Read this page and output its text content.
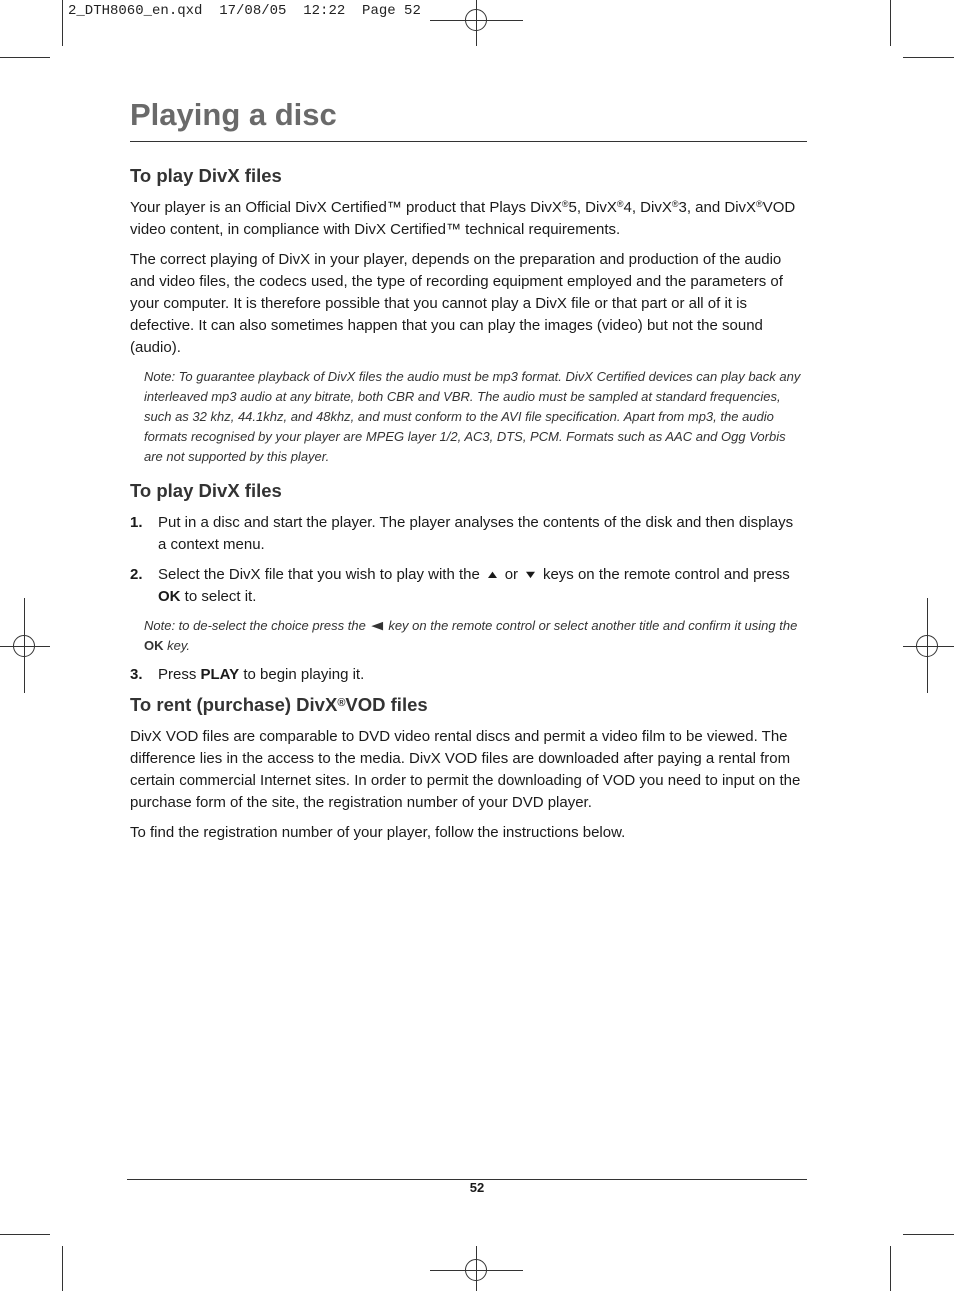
2_DTH8060_en.qxd  17/08/05  12:22  Page 52
Playing a disc
To play DivX files

Your player is an Official DivX Certified™ product that Plays DivX®5, DivX®4, DivX®3, and DivX®VOD video content, in compliance with DivX Certified™ technical requirements.

The correct playing of DivX in your player, depends on the preparation and production of the audio and video files, the codecs used, the type of recording equipment employed and the parameters of your computer. It is therefore possible that you cannot play a DivX file or that part or all of it is defective. It can also sometimes happen that you can play the images (video) but not the sound (audio).

Note: To guarantee playback of DivX files the audio must be mp3 format. DivX Certified devices can play back any interleaved mp3 audio at any bitrate, both CBR and VBR. The audio must be sampled at standard frequencies, such as 32 khz, 44.1khz, and 48khz, and must conform to the AVI file specification. Apart from mp3, the audio formats recognised by your player are MPEG layer 1/2, AC3, DTS, PCM. Formats such as AAC and Ogg Vorbis are not supported by this player.

To play DivX files
1.	Put in a disc and start the player. The player analyses the contents of the disk and then displays a context menu.
2.	Select the DivX file that you wish to play with the ▲ or ▼ keys on the remote control and press OK to select it.

Note: to de-select the choice press the ◀ key on the remote control or select another title and confirm it using the OK key.

3.	Press PLAY to begin playing it.
To rent (purchase) DivX®VOD files

DivX VOD files are comparable to DVD video rental discs and permit a video film to be viewed. The difference lies in the access to the media. DivX VOD files are downloaded after paying a rental from certain commercial Internet sites. In order to permit the downloading of VOD you need to input on the purchase form of the site, the registration number of your DVD player.

To find the registration number of your player, follow the instructions below.

52
